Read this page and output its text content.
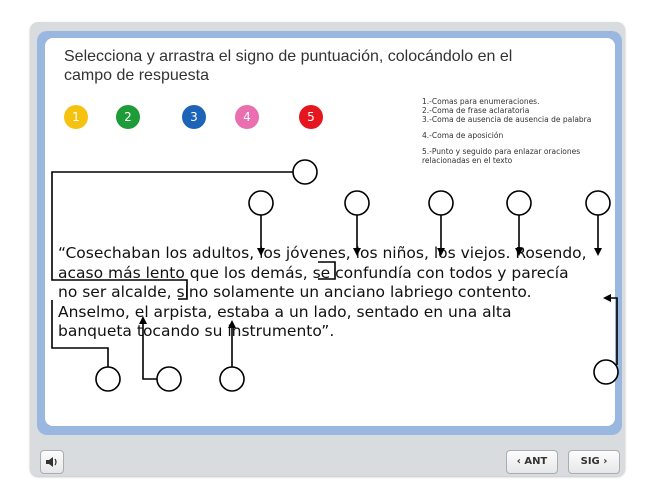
Selecciona y arrastra el signo de puntuación, colocándolo en el
campo de respuesta
1	2	3	4	5
1.-Comas para enumeraciones.
2.-Coma de frase aclaratoria
3.-Coma de ausencia de ausencia de palabra
4.-Coma de aposición
5.-Punto y seguido para enlazar oraciones
relacionadas en el texto
“Cosechaban los adultos, los jóvenes, los niños, los viejos. Rosendo,
acaso más lento que los demás, se confundía con todos y parecía
no ser alcalde, sino solamente un anciano labriego contento.
Anselmo, el arpista, estaba a un lado, sentado en una alta
banqueta tocando su instrumento”.
‹ ANT	SIG ›
